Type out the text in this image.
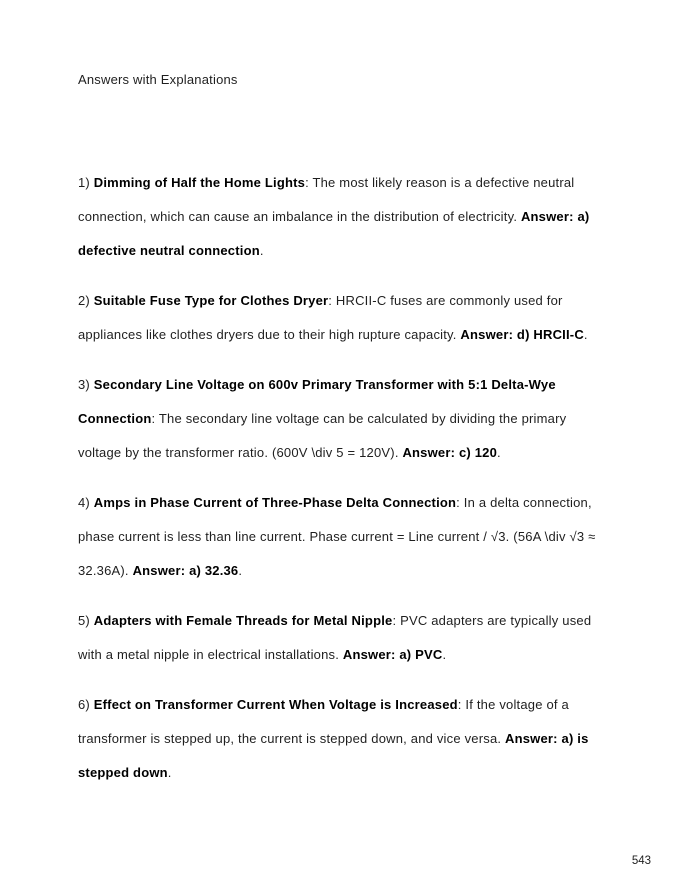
Answers with Explanations

1) Dimming of Half the Home Lights: The most likely reason is a defective neutral connection, which can cause an imbalance in the distribution of electricity. Answer: a) defective neutral connection.

2) Suitable Fuse Type for Clothes Dryer: HRCII-C fuses are commonly used for appliances like clothes dryers due to their high rupture capacity. Answer: d) HRCII-C.

3) Secondary Line Voltage on 600v Primary Transformer with 5:1 Delta-Wye Connection: The secondary line voltage can be calculated by dividing the primary voltage by the transformer ratio. (600V \div 5 = 120V). Answer: c) 120.

4) Amps in Phase Current of Three-Phase Delta Connection: In a delta connection, phase current is less than line current. Phase current = Line current / √3. (56A \div √3 ≈ 32.36A). Answer: a) 32.36.

5) Adapters with Female Threads for Metal Nipple: PVC adapters are typically used with a metal nipple in electrical installations. Answer: a) PVC.

6) Effect on Transformer Current When Voltage is Increased: If the voltage of a transformer is stepped up, the current is stepped down, and vice versa. Answer: a) is stepped down.

543
